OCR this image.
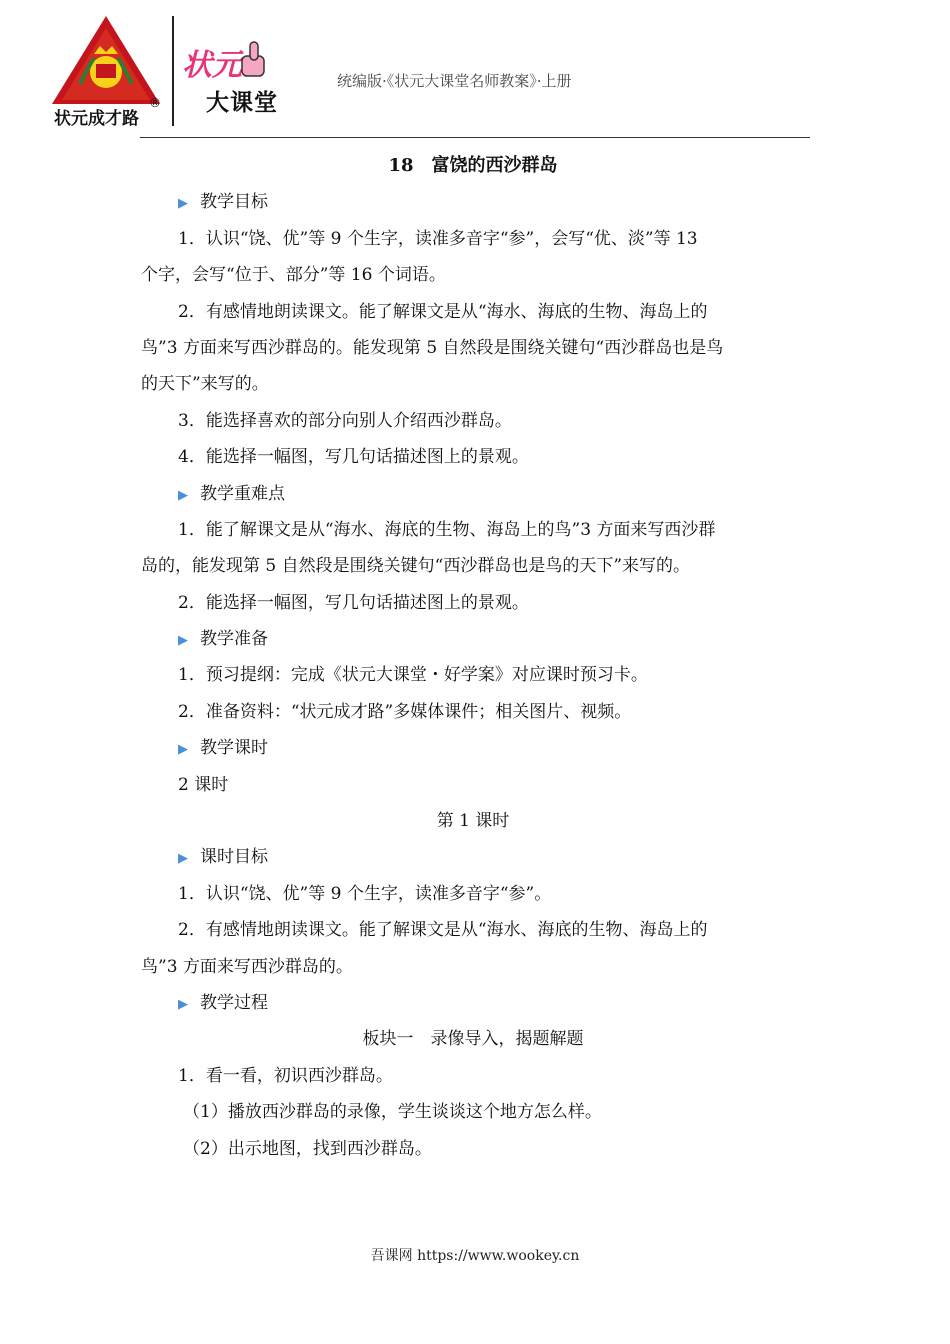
状元成才路
®
状元
大课堂
统编版·《状元大课堂名师教案》·上册
18　富饶的西沙群岛
▶ 教学目标
1．认识“饶、优”等 9 个生字，读准多音字“参”，会写“优、淡”等 13
个字，会写“位于、部分”等 16 个词语。
2．有感情地朗读课文。能了解课文是从“海水、海底的生物、海岛上的
鸟”3 方面来写西沙群岛的。能发现第 5 自然段是围绕关键句“西沙群岛也是鸟
的天下”来写的。
3．能选择喜欢的部分向别人介绍西沙群岛。
4．能选择一幅图，写几句话描述图上的景观。
▶ 教学重难点
1．能了解课文是从“海水、海底的生物、海岛上的鸟”3 方面来写西沙群
岛的，能发现第 5 自然段是围绕关键句“西沙群岛也是鸟的天下”来写的。
2．能选择一幅图，写几句话描述图上的景观。
▶ 教学准备
1．预习提纲：完成《状元大课堂・好学案》对应课时预习卡。
2．准备资料：“状元成才路”多媒体课件；相关图片、视频。
▶ 教学课时
2 课时
第 1 课时
▶ 课时目标
1．认识“饶、优”等 9 个生字，读准多音字“参”。
2．有感情地朗读课文。能了解课文是从“海水、海底的生物、海岛上的
鸟”3 方面来写西沙群岛的。
▶ 教学过程
板块一　录像导入，揭题解题
1．看一看，初识西沙群岛。
（1）播放西沙群岛的录像，学生谈谈这个地方怎么样。
（2）出示地图，找到西沙群岛。
吾课网 https://www.wookey.cn
